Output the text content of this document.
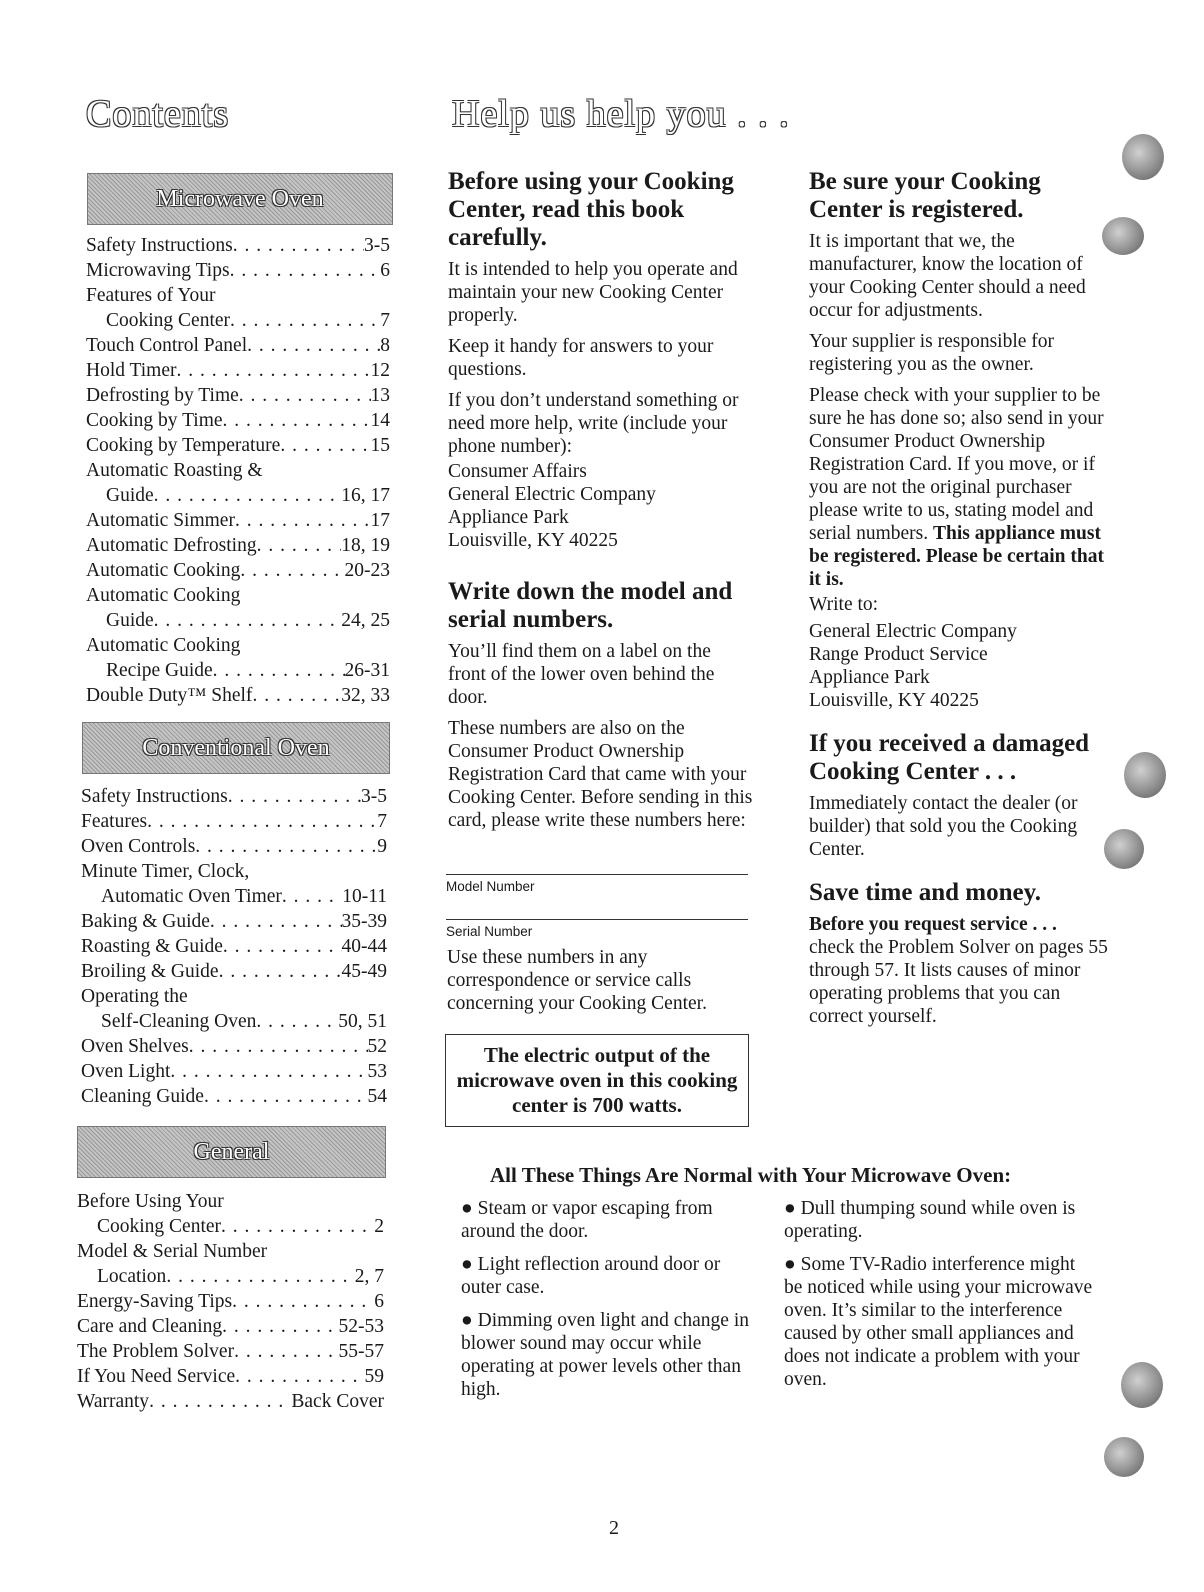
Contents	Help us help you . . .
Microwave Oven
Safety Instructions . . .	3-5
Microwaving Tips . . .	6
Features of Your
Cooking Center . . .	7
Touch Control Panel . . .	8
Hold Timer . . .	12
Defrosting by Time . . .	13
Cooking by Time . . .	14
Cooking by Temperature . . .	15
Automatic Roasting &
Guide . . .	16, 17
Automatic Simmer . . .	17
Automatic Defrosting . . .	18, 19
Automatic Cooking . . .	20-23
Automatic Cooking
Guide . . .	24, 25
Automatic Cooking
Recipe Guide . . .	26-31
Double Duty™ Shelf . . .	32, 33
Conventional Oven
Safety Instructions . . .	3-5
Features . . .	7
Oven Controls . . .	9
Minute Timer, Clock,
Automatic Oven Timer . . .	10-11
Baking & Guide . . .	35-39
Roasting & Guide . . .	40-44
Broiling & Guide . . .	45-49
Operating the
Self-Cleaning Oven . . .	50, 51
Oven Shelves . . .	52
Oven Light . . .	53
Cleaning Guide . . .	54
General
Before Using Your
Cooking Center . . .	2
Model & Serial Number
Location . . .	2, 7
Energy-Saving Tips . . .	6
Care and Cleaning . . .	52-53
The Problem Solver . . .	55-57
If You Need Service . . .	59
Warranty . . .	Back Cover
Before using your Cooking Center, read this book carefully.

It is intended to help you operate and maintain your new Cooking Center properly.

Keep it handy for answers to your questions.

If you don’t understand something or need more help, write (include your phone number):

Consumer Affairs
General Electric Company
Appliance Park
Louisville, KY 40225
Write down the model and serial numbers.

You’ll find them on a label on the front of the lower oven behind the door.

These numbers are also on the Consumer Product Ownership Registration Card that came with your Cooking Center. Before sending in this card, please write these numbers here:

Model Number
Serial Number
Use these numbers in any correspondence or service calls concerning your Cooking Center.
The electric output of the microwave oven in this cooking center is 700 watts.
Be sure your Cooking Center is registered.

It is important that we, the manufacturer, know the location of your Cooking Center should a need occur for adjustments.

Your supplier is responsible for registering you as the owner.

Please check with your supplier to be sure he has done so; also send in your Consumer Product Ownership Registration Card. If you move, or if you are not the original purchaser please write to us, stating model and serial numbers. This appliance must be registered. Please be certain that it is.

Write to:

General Electric Company
Range Product Service
Appliance Park
Louisville, KY 40225
If you received a damaged Cooking Center . . .

Immediately contact the dealer (or builder) that sold you the Cooking Center.

Save time and money.

Before you request service . . .
check the Problem Solver on pages 55 through 57. It lists causes of minor operating problems that you can correct yourself.

All These Things Are Normal with Your Microwave Oven:
● Steam or vapor escaping from around the door.
● Light reflection around door or outer case.
● Dimming oven light and change in blower sound may occur while operating at power levels other than high.
● Dull thumping sound while oven is operating.
● Some TV-Radio interference might be noticed while using your microwave oven. It’s similar to the interference caused by other small appliances and does not indicate a problem with your oven.
2
